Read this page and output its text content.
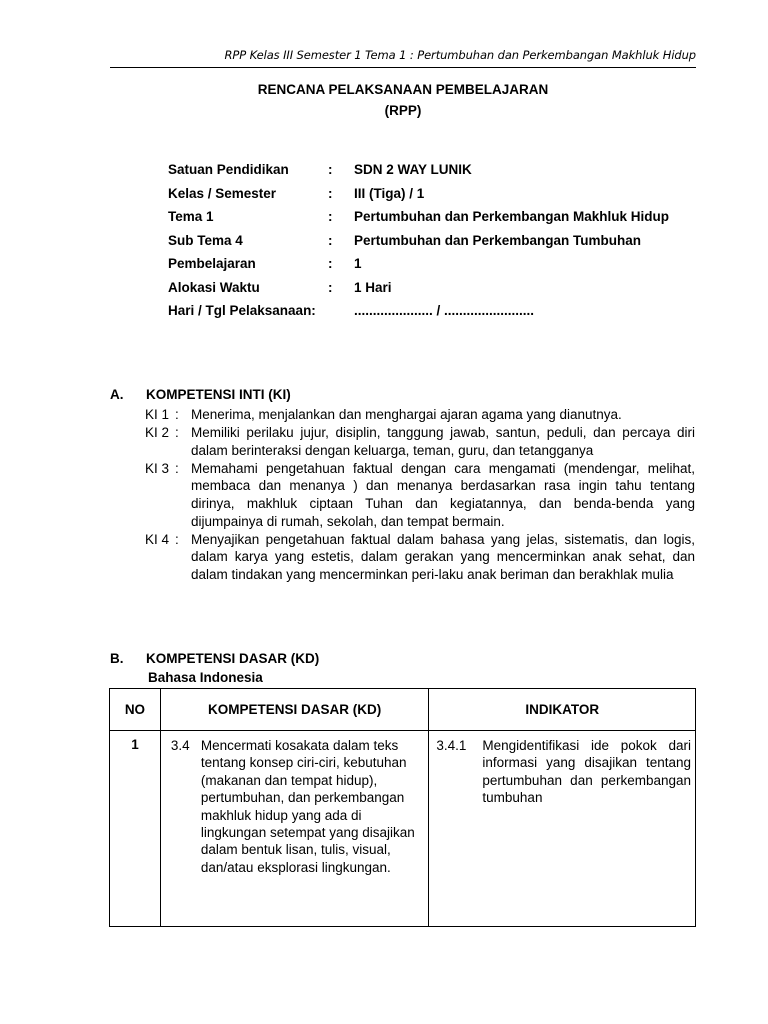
RPP Kelas III Semester 1 Tema 1 : Pertumbuhan dan Perkembangan Makhluk Hidup
RENCANA PELAKSANAAN PEMBELAJARAN
(RPP)
Satuan Pendidikan	:	SDN 2 WAY LUNIK
Kelas / Semester	:	III (Tiga) / 1
Tema 1	:	Pertumbuhan dan Perkembangan Makhluk Hidup
Sub Tema 4	:	Pertumbuhan dan Perkembangan Tumbuhan
Pembelajaran	:	1
Alokasi Waktu	:	1 Hari
Hari / Tgl Pelaksanaan:	..................... / ........................
A. KOMPETENSI INTI (KI)
KI 1 : Menerima, menjalankan dan menghargai ajaran agama yang dianutnya.
KI 2 : Memiliki perilaku jujur, disiplin, tanggung jawab, santun, peduli, dan percaya diri dalam berinteraksi dengan keluarga, teman, guru, dan tetangganya
KI 3 : Memahami pengetahuan faktual dengan cara mengamati (mendengar, melihat, membaca dan menanya ) dan menanya berdasarkan rasa ingin tahu tentang dirinya, makhluk ciptaan Tuhan dan kegiatannya, dan benda-benda yang dijumpainya di rumah, sekolah, dan tempat bermain.
KI 4 : Menyajikan pengetahuan faktual dalam bahasa yang jelas, sistematis, dan logis, dalam karya yang estetis, dalam gerakan yang mencerminkan anak sehat, dan dalam tindakan yang mencerminkan peri-laku anak beriman dan berakhlak mulia
B. KOMPETENSI DASAR (KD)
Bahasa Indonesia
NO	KOMPETENSI DASAR (KD)	INDIKATOR
1	3.4 Mencermati kosakata dalam teks tentang konsep ciri-ciri, kebutuhan (makanan dan tempat hidup), pertumbuhan, dan perkembangan makhluk hidup yang ada di lingkungan setempat yang disajikan dalam bentuk lisan, tulis, visual, dan/atau eksplorasi lingkungan.	3.4.1 Mengidentifikasi ide pokok dari informasi yang disajikan tentang pertumbuhan dan perkembangan tumbuhan
